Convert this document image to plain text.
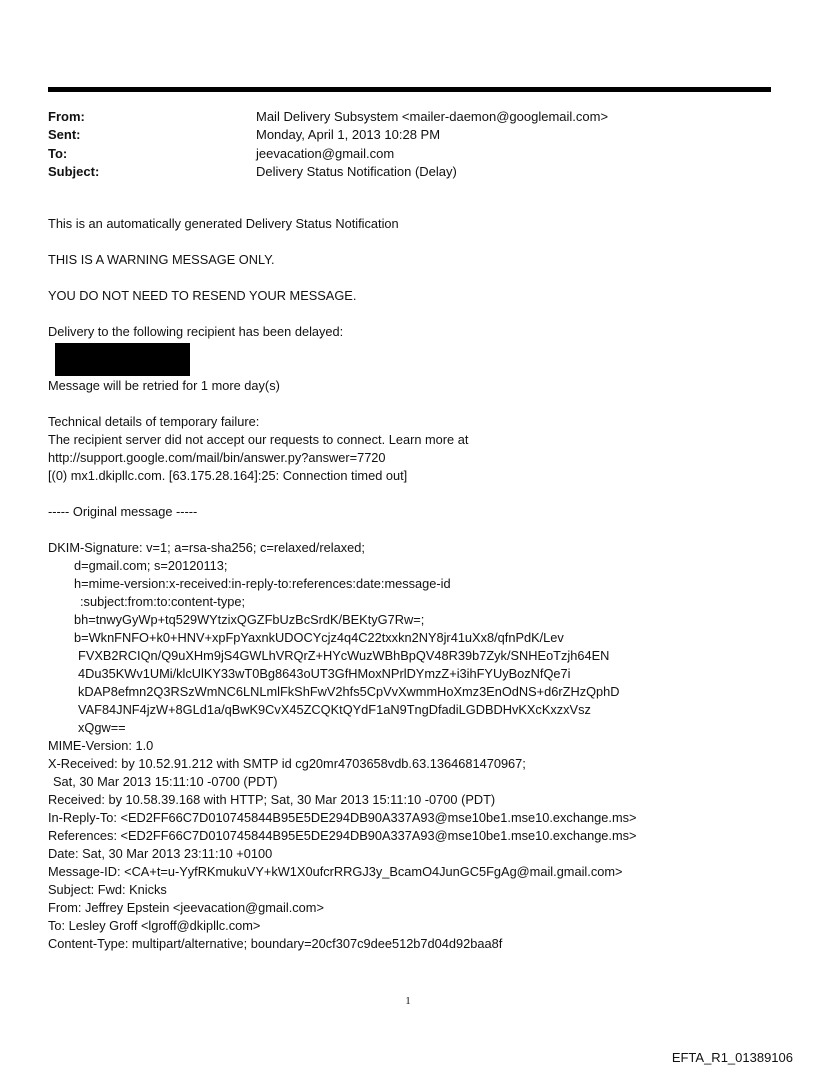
From:	Mail Delivery Subsystem <mailer-daemon@googlemail.com>
Sent:	Monday, April 1, 2013 10:28 PM
To:	jeevacation@gmail.com
Subject:	Delivery Status Notification (Delay)

This is an automatically generated Delivery Status Notification

THIS IS A WARNING MESSAGE ONLY.

YOU DO NOT NEED TO RESEND YOUR MESSAGE.

Delivery to the following recipient has been delayed:

Message will be retried for 1 more day(s)

Technical details of temporary failure:

The recipient server did not accept our requests to connect. Learn more at

http://support.google.com/mail/bin/answer.py?answer=7720

[(0) mx1.dkipllc.com. [63.175.28.164]:25: Connection timed out]

----- Original message -----

DKIM-Signature: v=1; a=rsa-sha256; c=relaxed/relaxed;
d=gmail.com; s=20120113;
h=mime-version:x-received:in-reply-to:references:date:message-id
:subject:from:to:content-type;
bh=tnwyGyWp+tq529WYtzixQGZFbUzBcSrdK/BEKtyG7Rw=;
b=WknFNFO+k0+HNV+xpFpYaxnkUDOCYcjz4q4C22txxkn2NY8jr41uXx8/qfnPdK/Lev
FVXB2RCIQn/Q9uXHm9jS4GWLhVRQrZ+HYcWuzWBhBpQV48R39b7Zyk/SNHEoTzjh64EN
4Du35KWv1UMi/klcUlKY33wT0Bg8643oUT3GfHMoxNPrlDYmzZ+i3ihFYUyBozNfQe7i
kDAP8efmn2Q3RSzWmNC6LNLmlFkShFwV2hfs5CpVvXwmmHoXmz3EnOdNS+d6rZHzQphD
VAF84JNF4jzW+8GLd1a/qBwK9CvX45ZCQKtQYdF1aN9TngDfadiLGDBDHvKXcKxzxVsz
xQgw==
MIME-Version: 1.0
X-Received: by 10.52.91.212 with SMTP id cg20mr4703658vdb.63.1364681470967;
Sat, 30 Mar 2013 15:11:10 -0700 (PDT)
Received: by 10.58.39.168 with HTTP; Sat, 30 Mar 2013 15:11:10 -0700 (PDT)
In-Reply-To: <ED2FF66C7D010745844B95E5DE294DB90A337A93@mse10be1.mse10.exchange.ms>
References: <ED2FF66C7D010745844B95E5DE294DB90A337A93@mse10be1.mse10.exchange.ms>
Date: Sat, 30 Mar 2013 23:11:10 +0100
Message-ID: <CA+t=u-YyfRKmukuVY+kW1X0ufcrRRGJ3y_BcamO4JunGC5FgAg@mail.gmail.com>
Subject: Fwd: Knicks
From: Jeffrey Epstein <jeevacation@gmail.com>
To: Lesley Groff <lgroff@dkipllc.com>
Content-Type: multipart/alternative; boundary=20cf307c9dee512b7d04d92baa8f
1
EFTA_R1_01389106
